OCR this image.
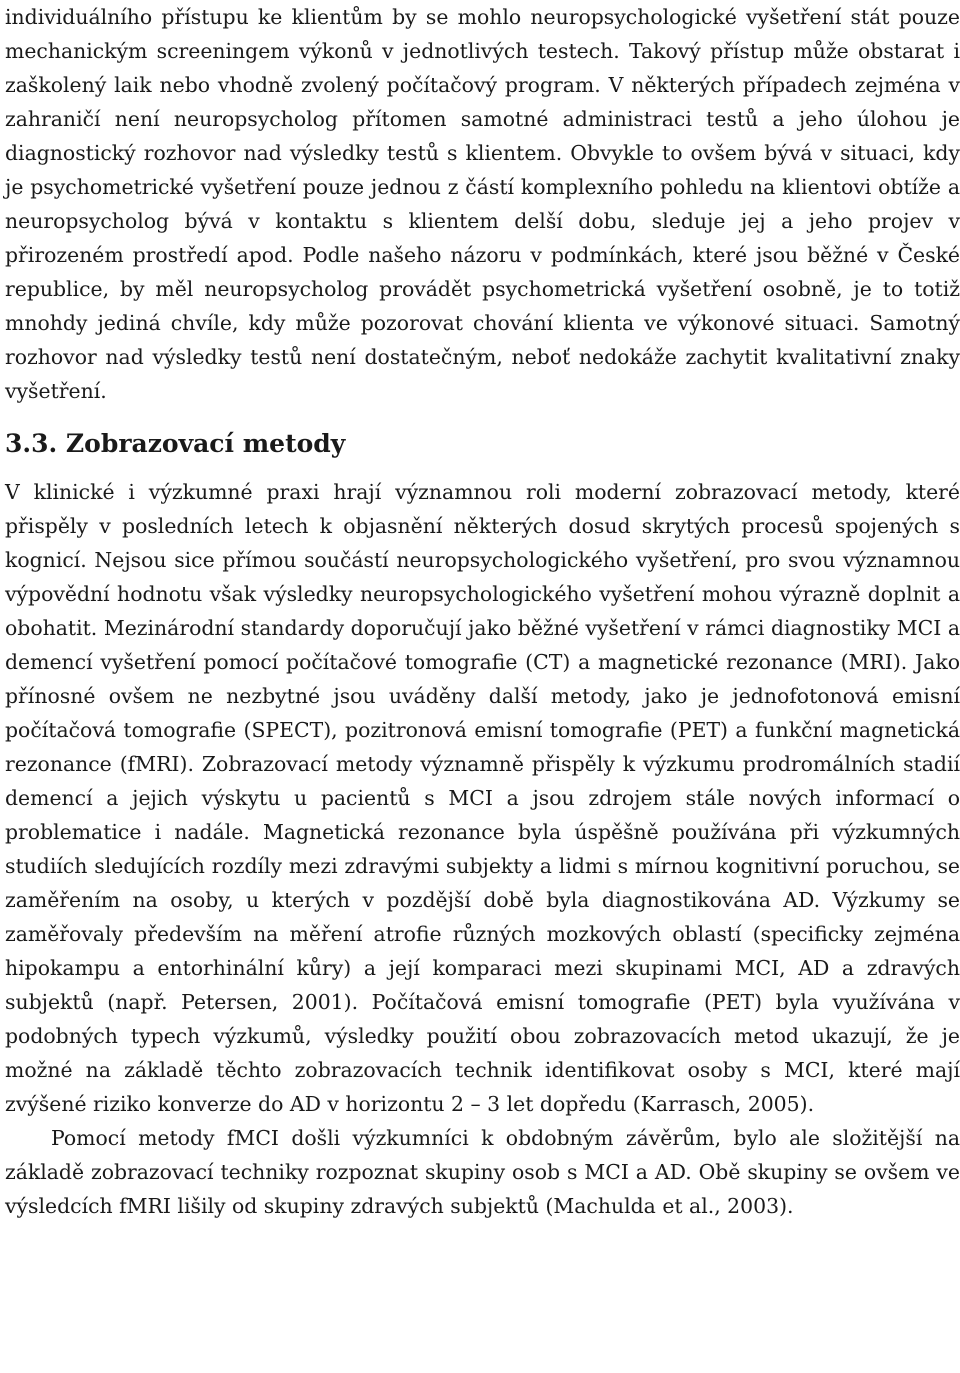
individuálního přístupu ke klientům by se mohlo neuropsychologické vyšetření stát pouze mechanickým screeningem výkonů v jednotlivých testech. Takový přístup může obstarat i zaškolený laik nebo vhodně zvolený počítačový program. V některých případech zejména v zahraničí není neuropsycholog přítomen samotné administraci testů a jeho úlohou je diagnostický rozhovor nad výsledky testů s klientem. Obvykle to ovšem bývá v situaci, kdy je psychometrické vyšetření pouze jednou z částí komplexního pohledu na klientovi obtíže a neuropsycholog bývá v kontaktu s klientem delší dobu, sleduje jej a jeho projev v přirozeném prostředí apod. Podle našeho názoru v podmínkách, které jsou běžné v České republice, by měl neuropsycholog provádět psychometrická vyšetření osobně, je to totiž mnohdy jediná chvíle, kdy může pozorovat chování klienta ve výkonové situaci. Samotný rozhovor nad výsledky testů není dostatečným, neboť nedokáže zachytit kvalitativní znaky vyšetření.

3.3. Zobrazovací metody

V klinické i výzkumné praxi hrají významnou roli moderní zobrazovací metody, které přispěly v posledních letech k objasnění některých dosud skrytých procesů spojených s kognicí. Nejsou sice přímou součástí neuropsychologického vyšetření, pro svou významnou výpovědní hodnotu však výsledky neuropsychologického vyšetření mohou výrazně doplnit a obohatit. Mezinárodní standardy doporučují jako běžné vyšetření v rámci diagnostiky MCI a demencí vyšetření pomocí počítačové tomografie (CT) a magnetické rezonance (MRI). Jako přínosné ovšem ne nezbytné jsou uváděny další metody, jako je jednofotonová emisní počítačová tomografie (SPECT), pozitronová emisní tomografie (PET) a funkční magnetická rezonance (fMRI). Zobrazovací metody významně přispěly k výzkumu prodromálních stadií demencí a jejich výskytu u pacientů s MCI a jsou zdrojem stále nových informací o problematice i nadále. Magnetická rezonance byla úspěšně používána při výzkumných studiích sledujících rozdíly mezi zdravými subjekty a lidmi s mírnou kognitivní poruchou, se zaměřením na osoby, u kterých v pozdější době byla diagnostikována AD. Výzkumy se zaměřovaly především na měření atrofie různých mozkových oblastí (specificky zejména hipokampu a entorhinální kůry) a její komparaci mezi skupinami MCI, AD a zdravých subjektů (např. Petersen, 2001). Počítačová emisní tomografie (PET) byla využívána v podobných typech výzkumů, výsledky použití obou zobrazovacích metod ukazují, že je možné na základě těchto zobrazovacích technik identifikovat osoby s MCI, které mají zvýšené riziko konverze do AD v horizontu 2 – 3 let dopředu (Karrasch, 2005).

Pomocí metody fMCI došli výzkumníci k obdobným závěrům, bylo ale složitější na základě zobrazovací techniky rozpoznat skupiny osob s MCI a AD. Obě skupiny se ovšem ve výsledcích fMRI lišily od skupiny zdravých subjektů (Machulda et al., 2003).
